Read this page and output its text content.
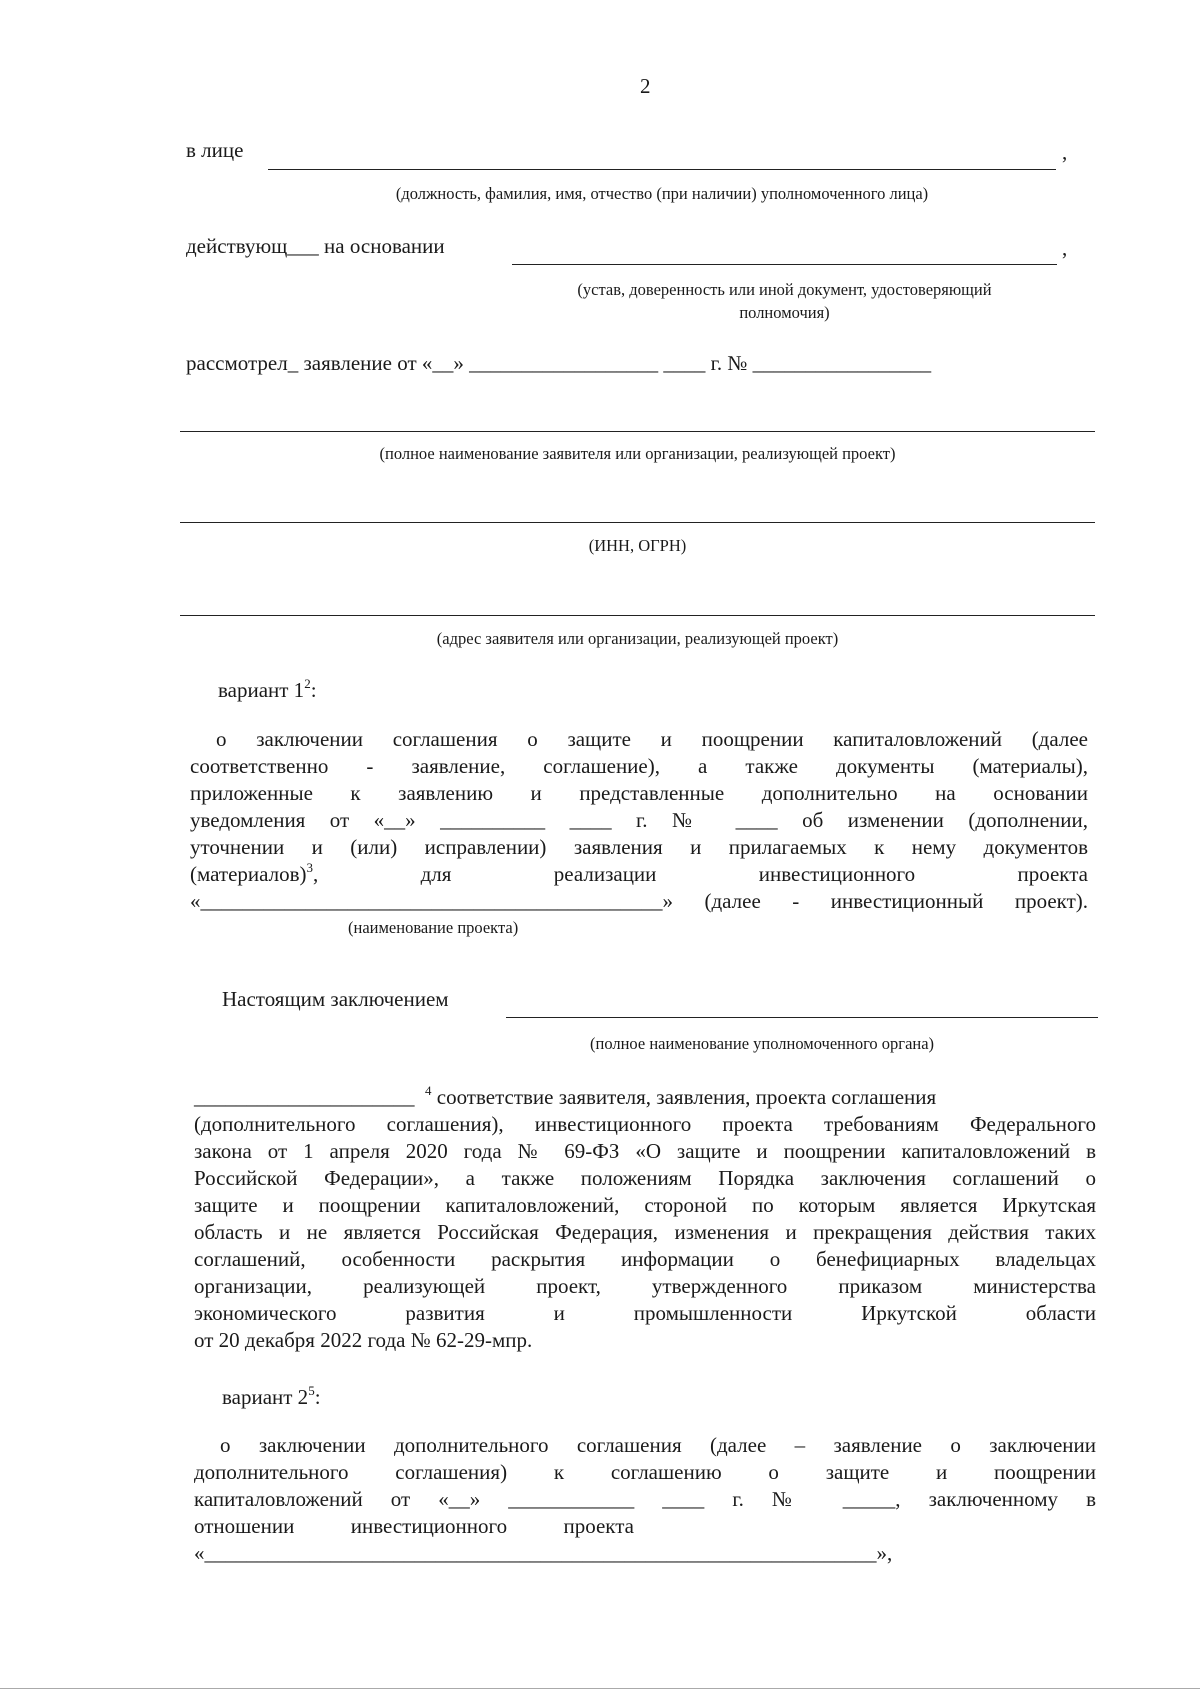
2
в лице	,
(должность, фамилия, имя, отчество (при наличии) уполномоченного лица)
действующ___ на основании	,
(устав, доверенность или иной документ, удостоверяющий
полномочия)
рассмотрел_ заявление от «__» __________________ ____ г. № _________________
(полное наименование заявителя или организации, реализующей проект)
(ИНН, ОГРН)
(адрес заявителя или организации, реализующей проект)
вариант $1^2$:
о заключении соглашения о защите и поощрении капиталовложений (далее
соответственно - заявление, соглашение), а также документы (материалы),
приложенные к заявлению и представленные дополнительно на основании
уведомления от «__» __________ ____ г. № ____ об изменении (дополнении,
уточнении и (или) исправлении) заявления и прилагаемых к нему документов
(материалов)$^3$,	для	реализации	инвестиционного	проекта
«____________________________________________» (далее - инвестиционный проект).
(наименование проекта)
Настоящим заключением
(полное наименование уполномоченного органа)
_____________________ $^4$ соответствие заявителя, заявления, проекта соглашения
(дополнительного соглашения), инвестиционного проекта требованиям Федерального
закона от 1 апреля 2020 года № 69-ФЗ «О защите и поощрении капиталовложений в
Российской Федерации», а также положениям Порядка заключения соглашений о
защите и поощрении капиталовложений, стороной по которым является Иркутская
область и не является Российская Федерация, изменения и прекращения действия таких
соглашений, особенности раскрытия информации о бенефициарных владельцах
организации, реализующей проект, утвержденного приказом министерства
экономического развития и промышленности Иркутской области
от 20 декабря 2022 года № 62-29-мпр.
вариант $2^5$:
о заключении дополнительного соглашения (далее – заявление о заключении
дополнительного соглашения) к соглашению о защите и поощрении
капиталовложений от «__» ____________ ____ г. № _____, заключенному в
отношении	инвестиционного	проекта
«________________________________________________________________»,
